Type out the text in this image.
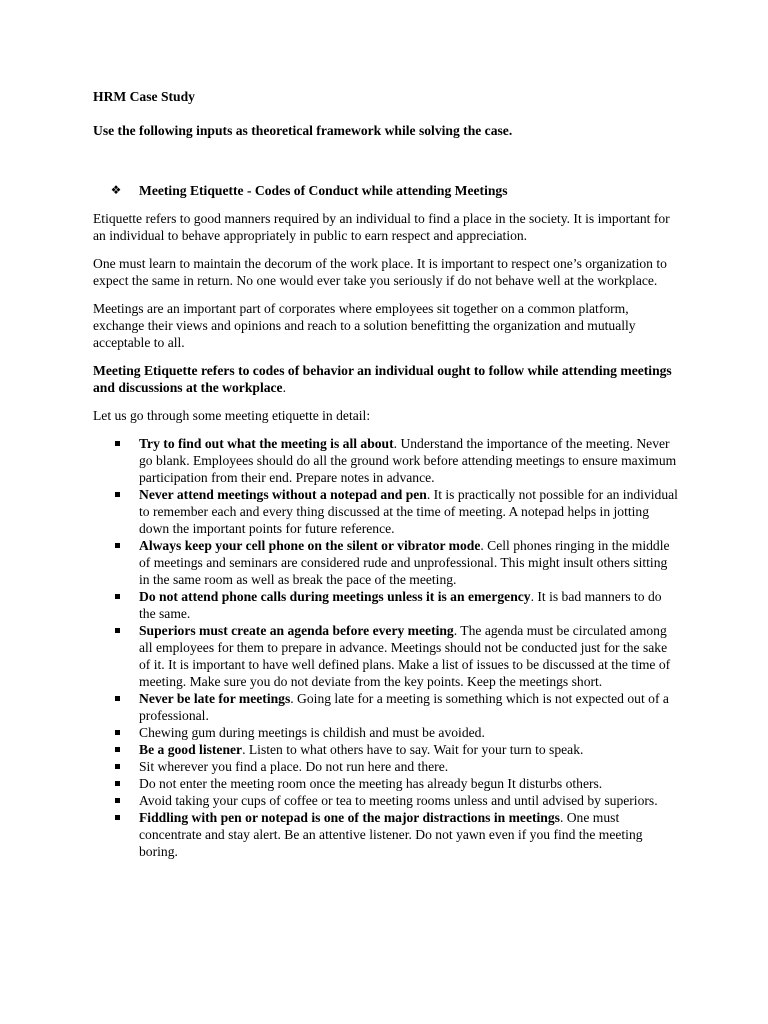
HRM Case Study

Use the following inputs as theoretical framework while solving the case.

❖	Meeting Etiquette - Codes of Conduct while attending Meetings

Etiquette refers to good manners required by an individual to find a place in the society. It is important for an individual to behave appropriately in public to earn respect and appreciation.

One must learn to maintain the decorum of the work place. It is important to respect one’s organization to expect the same in return. No one would ever take you seriously if do not behave well at the workplace.

Meetings are an important part of corporates where employees sit together on a common platform, exchange their views and opinions and reach to a solution benefitting the organization and mutually acceptable to all.

Meeting Etiquette refers to codes of behavior an individual ought to follow while attending meetings and discussions at the workplace.

Let us go through some meeting etiquette in detail:

Try to find out what the meeting is all about. Understand the importance of the meeting. Never go blank. Employees should do all the ground work before attending meetings to ensure maximum participation from their end. Prepare notes in advance.
Never attend meetings without a notepad and pen. It is practically not possible for an individual to remember each and every thing discussed at the time of meeting. A notepad helps in jotting down the important points for future reference.
Always keep your cell phone on the silent or vibrator mode. Cell phones ringing in the middle of meetings and seminars are considered rude and unprofessional. This might insult others sitting in the same room as well as break the pace of the meeting.
Do not attend phone calls during meetings unless it is an emergency. It is bad manners to do the same.
Superiors must create an agenda before every meeting. The agenda must be circulated among all employees for them to prepare in advance. Meetings should not be conducted just for the sake of it. It is important to have well defined plans. Make a list of issues to be discussed at the time of meeting. Make sure you do not deviate from the key points. Keep the meetings short.
Never be late for meetings. Going late for a meeting is something which is not expected out of a professional.
Chewing gum during meetings is childish and must be avoided.
Be a good listener. Listen to what others have to say. Wait for your turn to speak.
Sit wherever you find a place. Do not run here and there.
Do not enter the meeting room once the meeting has already begun It disturbs others.
Avoid taking your cups of coffee or tea to meeting rooms unless and until advised by superiors.
Fiddling with pen or notepad is one of the major distractions in meetings. One must concentrate and stay alert. Be an attentive listener. Do not yawn even if you find the meeting boring.
